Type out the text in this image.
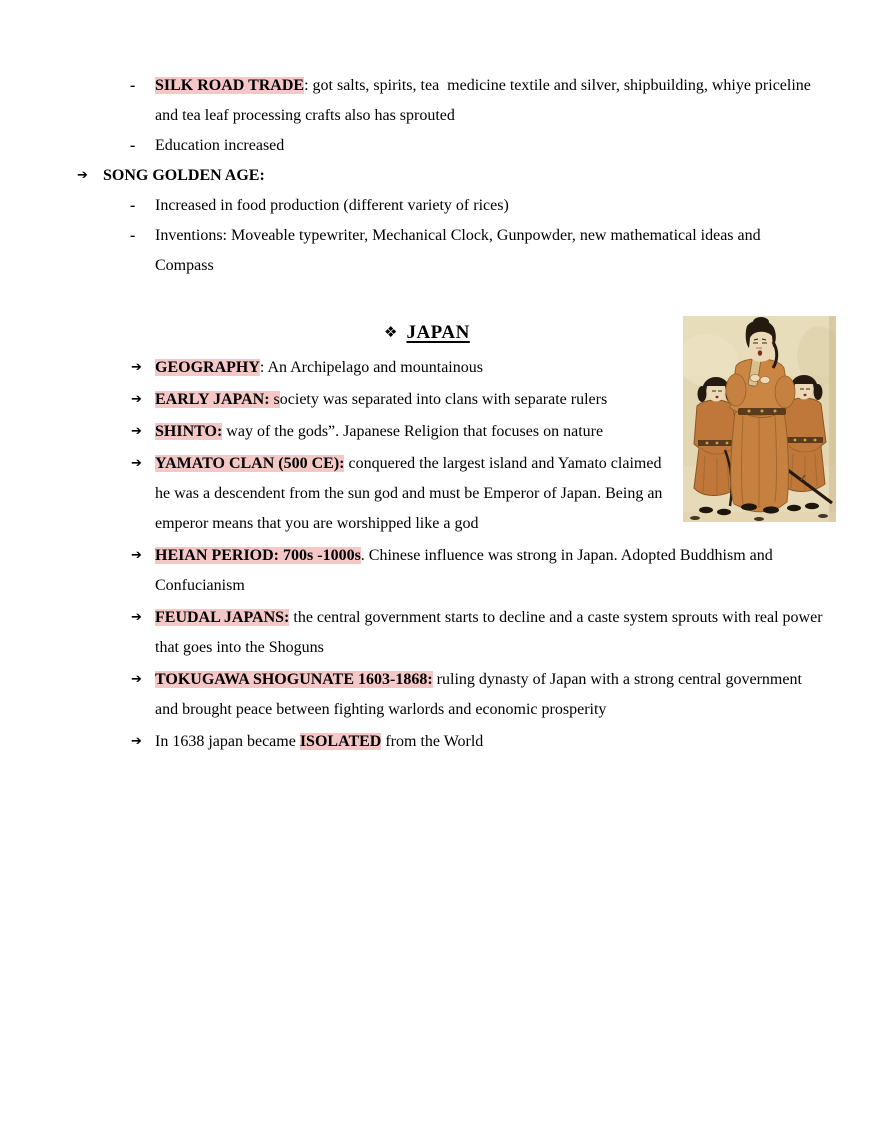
- SILK ROAD TRADE: got salts, spirits, tea  medicine textile and silver, shipbuilding, whiye priceline and tea leaf processing crafts also has sprouted
- Education increased
➔ SONG GOLDEN AGE:
- Increased in food production (different variety of rices)
- Inventions: Moveable typewriter, Mechanical Clock, Gunpowder, new mathematical ideas and Compass
❖ JAPAN
➔ GEOGRAPHY: An Archipelago and mountainous
➔ EARLY JAPAN: society was separated into clans with separate rulers
➔ SHINTO: way of the gods”. Japanese Religion that focuses on nature
➔ YAMATO CLAN (500 CE): conquered the largest island and Yamato claimed he was a descendent from the sun god and must be Emperor of Japan. Being an emperor means that you are worshipped like a god
➔ HEIAN PERIOD: 700s -1000s. Chinese influence was strong in Japan. Adopted Buddhism and Confucianism
➔ FEUDAL JAPANS: the central government starts to decline and a caste system sprouts with real power that goes into the Shoguns
➔ TOKUGAWA SHOGUNATE 1603-1868: ruling dynasty of Japan with a strong central government and brought peace between fighting warlords and economic prosperity
➔ In 1638 japan became ISOLATED from the World
